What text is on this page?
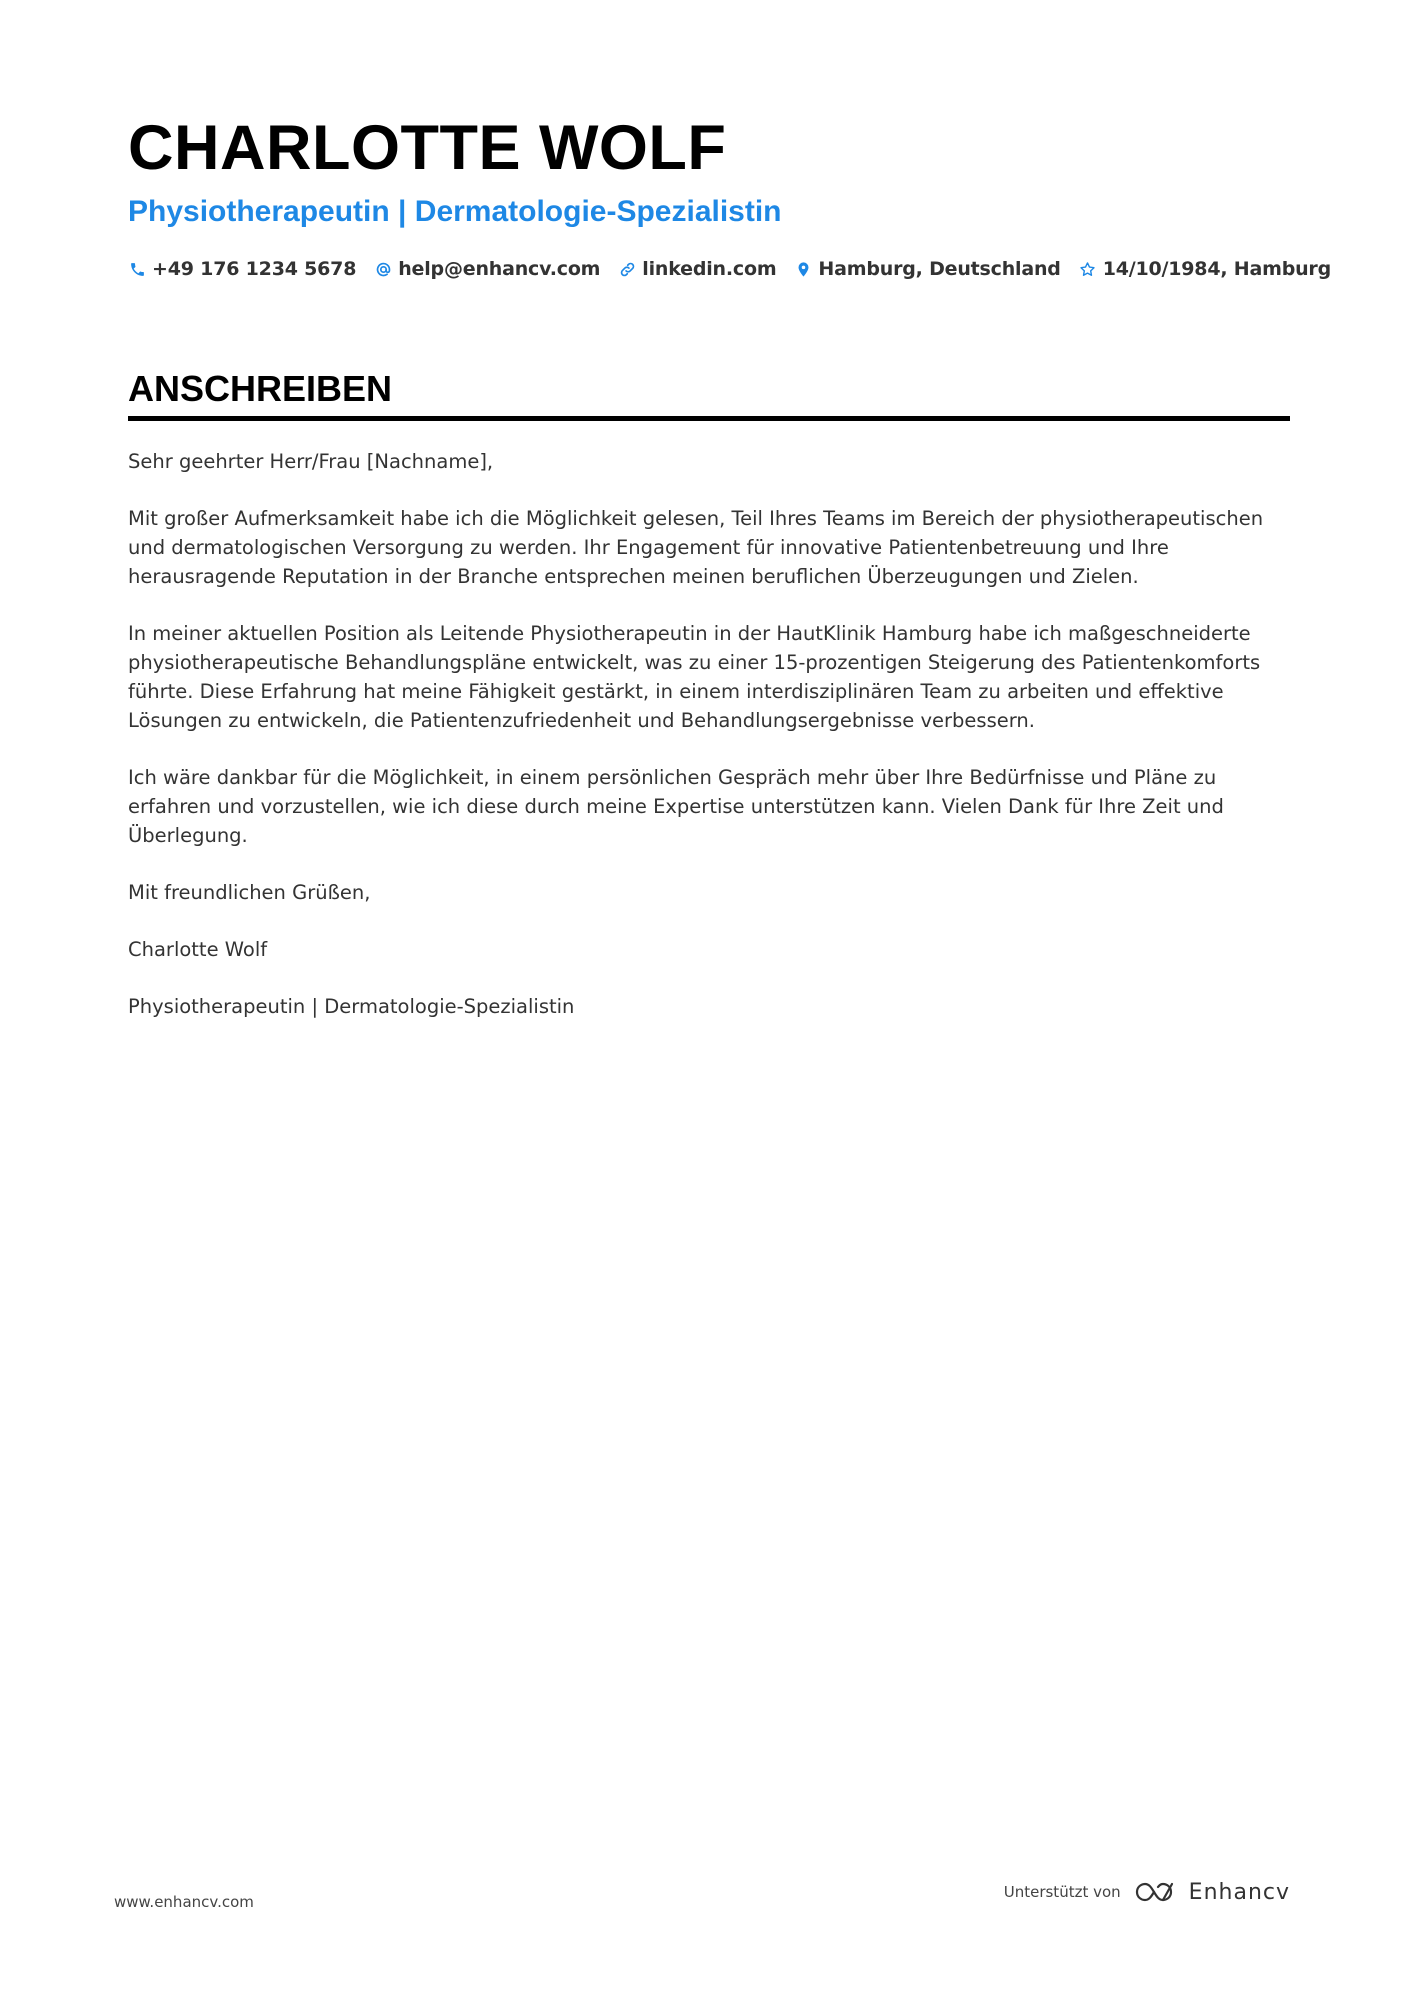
CHARLOTTE WOLF
Physiotherapeutin | Dermatologie-Spezialistin
+49 176 1234 5678 help@enhancv.com linkedin.com Hamburg, Deutschland 14/10/1984, Hamburg
ANSCHREIBEN

Sehr geehrter Herr/Frau [Nachname],

Mit großer Aufmerksamkeit habe ich die Möglichkeit gelesen, Teil Ihres Teams im Bereich der physiotherapeutischen und dermatologischen Versorgung zu werden. Ihr Engagement für innovative Patientenbetreuung und Ihre herausragende Reputation in der Branche entsprechen meinen beruflichen Überzeugungen und Zielen.

In meiner aktuellen Position als Leitende Physiotherapeutin in der HautKlinik Hamburg habe ich maßgeschneiderte physiotherapeutische Behandlungspläne entwickelt, was zu einer 15-prozentigen Steigerung des Patientenkomforts führte. Diese Erfahrung hat meine Fähigkeit gestärkt, in einem interdisziplinären Team zu arbeiten und effektive Lösungen zu entwickeln, die Patientenzufriedenheit und Behandlungsergebnisse verbessern.

Ich wäre dankbar für die Möglichkeit, in einem persönlichen Gespräch mehr über Ihre Bedürfnisse und Pläne zu erfahren und vorzustellen, wie ich diese durch meine Expertise unterstützen kann. Vielen Dank für Ihre Zeit und Überlegung.

Mit freundlichen Grüßen,

Charlotte Wolf

Physiotherapeutin | Dermatologie-Spezialistin

www.enhancv.com
Unterstützt von	Enhancv
